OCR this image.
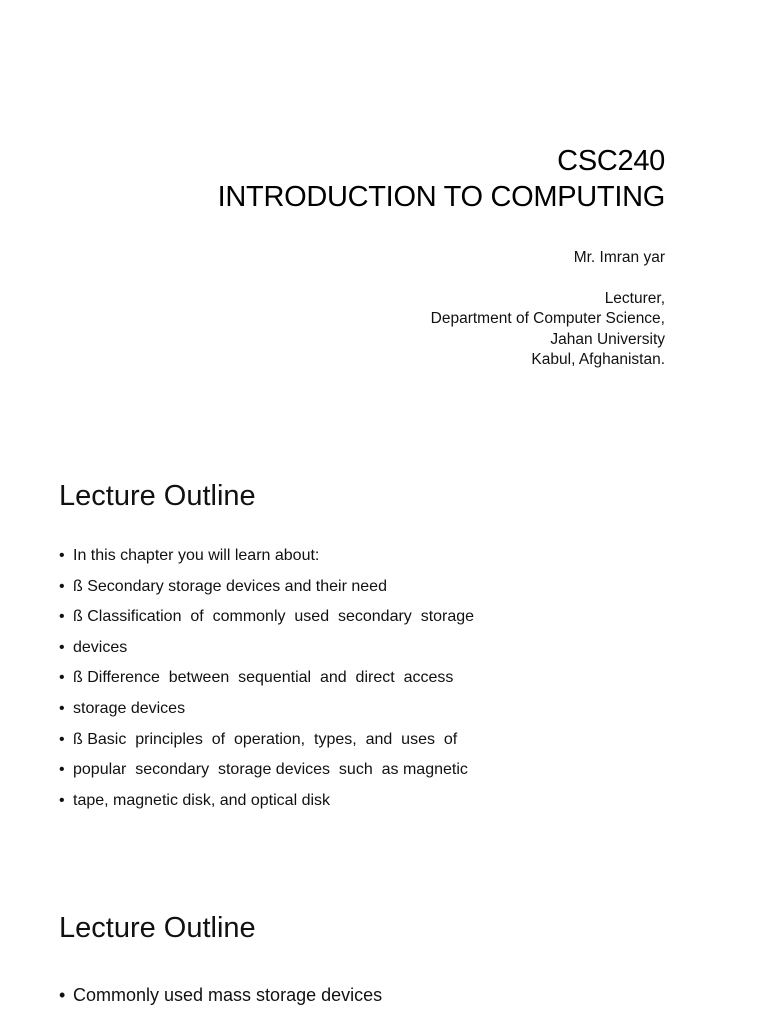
CSC240
INTRODUCTION TO COMPUTING
Mr. Imran yar
Lecturer,
Department of Computer Science,
Jahan University
Kabul, Afghanistan.
Lecture Outline
• In this chapter you will learn about:
• ß Secondary storage devices and their need
• ß Classification  of  commonly  used  secondary  storage
• devices
• ß Difference  between  sequential  and  direct  access
• storage devices
• ß Basic  principles  of  operation,  types,  and  uses  of
• popular  secondary  storage devices  such  as magnetic
• tape, magnetic disk, and optical disk
Lecture Outline
• Commonly used mass storage devices
